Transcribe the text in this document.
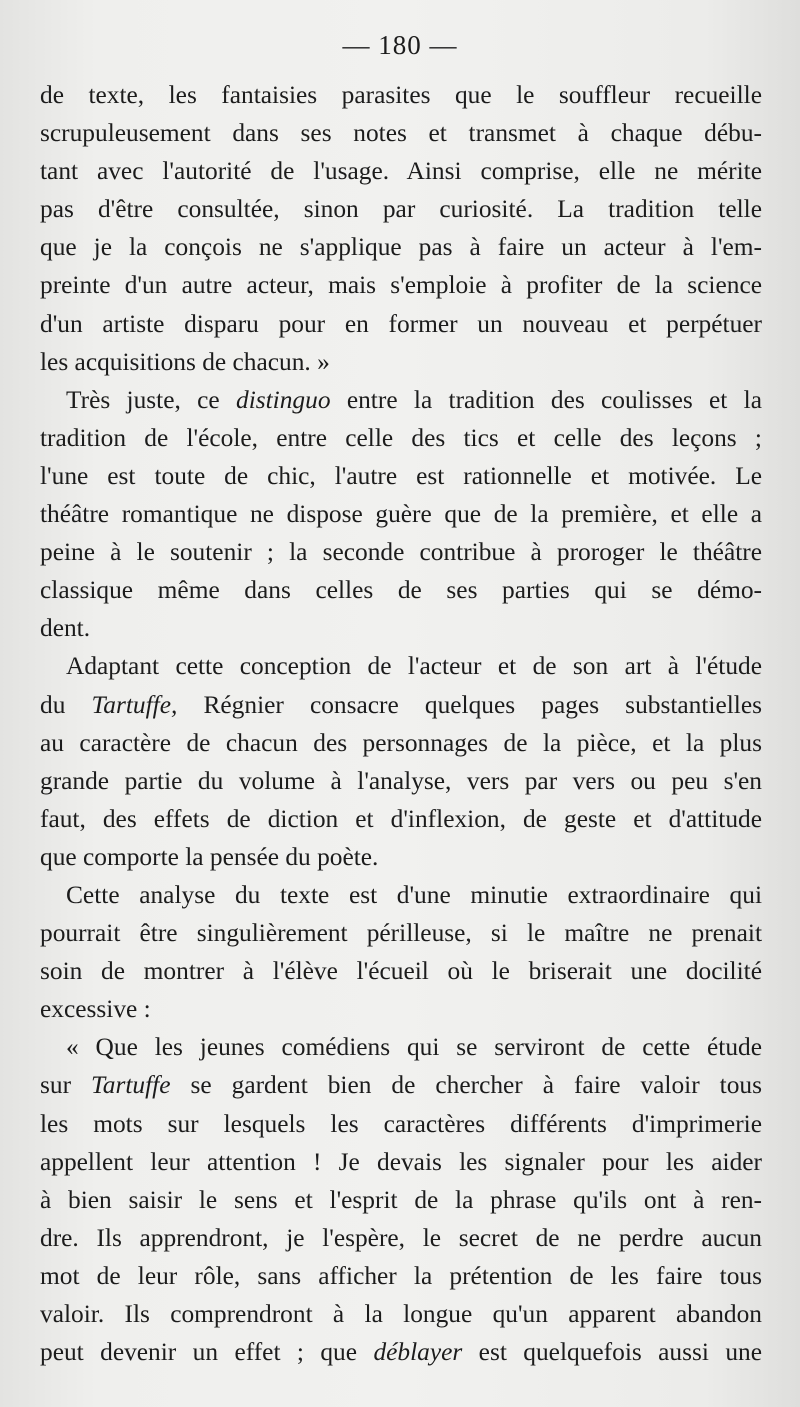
— 180 —
de texte, les fantaisies parasites que le souffleur recueille
scrupuleusement dans ses notes et transmet à chaque débu-
tant avec l'autorité de l'usage. Ainsi comprise, elle ne mérite
pas d'être consultée, sinon par curiosité. La tradition telle
que je la conçois ne s'applique pas à faire un acteur à l'em-
preinte d'un autre acteur, mais s'emploie à profiter de la science
d'un artiste disparu pour en former un nouveau et perpétuer
les acquisitions de chacun. »
Très juste, ce distinguo entre la tradition des coulisses et la
tradition de l'école, entre celle des tics et celle des leçons ;
l'une est toute de chic, l'autre est rationnelle et motivée. Le
théâtre romantique ne dispose guère que de la première, et elle a
peine à le soutenir ; la seconde contribue à proroger le théâtre
classique même dans celles de ses parties qui se démo-
dent.
Adaptant cette conception de l'acteur et de son art à l'étude
du Tartuffe, Régnier consacre quelques pages substantielles
au caractère de chacun des personnages de la pièce, et la plus
grande partie du volume à l'analyse, vers par vers ou peu s'en
faut, des effets de diction et d'inflexion, de geste et d'attitude
que comporte la pensée du poète.
Cette analyse du texte est d'une minutie extraordinaire qui
pourrait être singulièrement périlleuse, si le maître ne prenait
soin de montrer à l'élève l'écueil où le briserait une docilité
excessive :
« Que les jeunes comédiens qui se serviront de cette étude
sur Tartuffe se gardent bien de chercher à faire valoir tous
les mots sur lesquels les caractères différents d'imprimerie
appellent leur attention ! Je devais les signaler pour les aider
à bien saisir le sens et l'esprit de la phrase qu'ils ont à ren-
dre. Ils apprendront, je l'espère, le secret de ne perdre aucun
mot de leur rôle, sans afficher la prétention de les faire tous
valoir. Ils comprendront à la longue qu'un apparent abandon
peut devenir un effet ; que déblayer est quelquefois aussi une
